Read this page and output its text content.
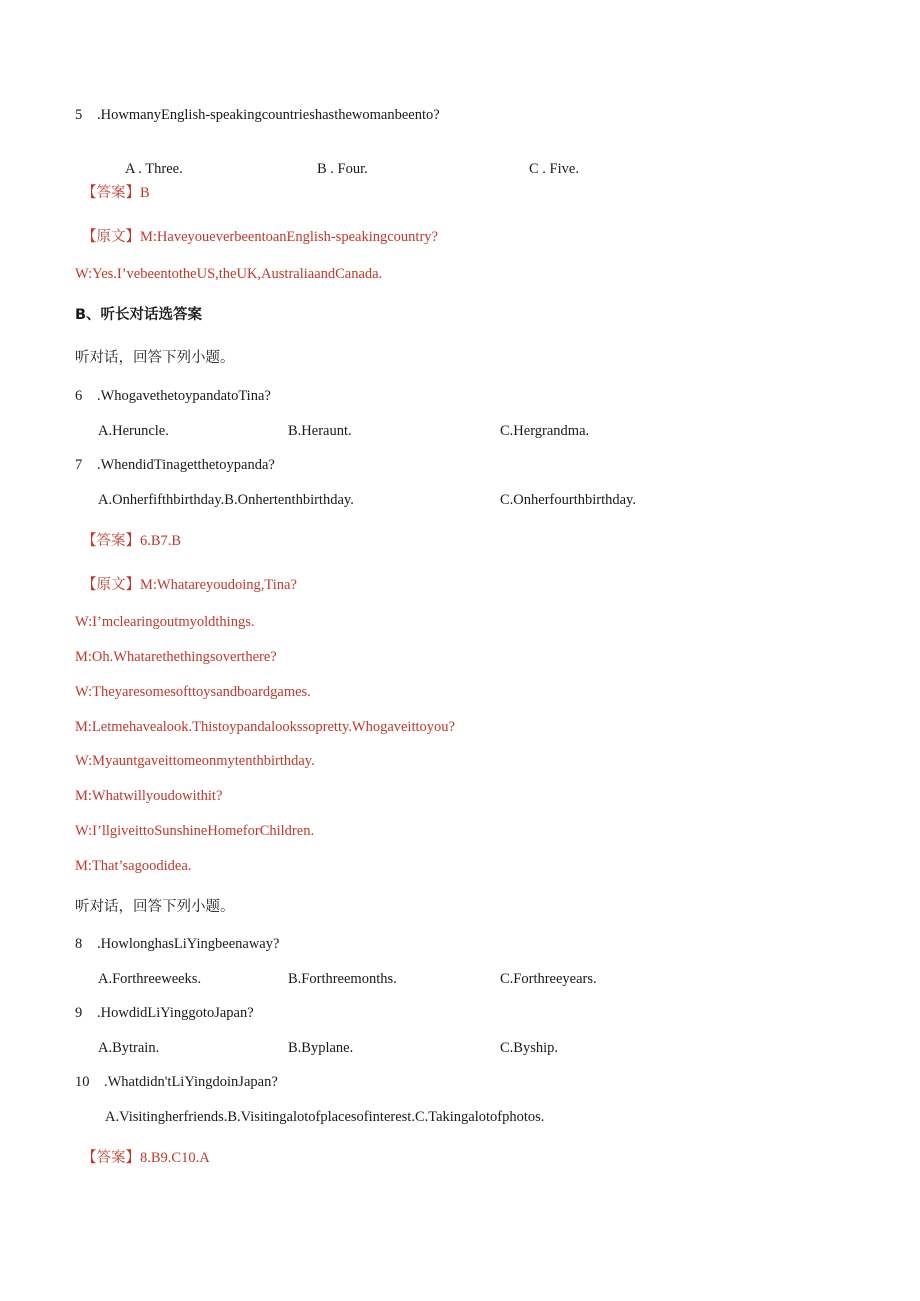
5 .HowmanyEnglish-speakingcountrieshasthewomanbeento?
A . Three.	B . Four.	C . Five.
【答案】B
【原文】M:HaveyoueverbeentoanEnglish-speakingcountry?
W:Yes.I’vebeentotheUS,theUK,AustraliaandCanada.
B、听长对话选答案
听对话，回答下列小题。
6 .WhogavethetoypandatoTina?
A.Heruncle.	B.Heraunt.	C.Hergrandma.
7 .WhendidTinagetthetoypanda?
A.Onherfifthbirthday.B.Onhertenthbirthday.	C.Onherfourthbirthday.
【答案】6.B7.B
【原文】M:Whatareyoudoing,Tina?
W:I’mclearingoutmyoldthings.
M:Oh.Whatarethethingsoverthere?
W:Theyaresomesofttoysandboardgames.
M:Letmehavealook.Thistoypandalookssopretty.Whogaveittoyou?
W:Myauntgaveittomeonmytenthbirthday.
M:Whatwillyoudowithit?
W:I’llgiveittoSunshineHomeforChildren.
M:That’sagoodidea.
听对话，回答下列小题。
8 .HowlonghasLiYingbeenaway?
A.Forthreeweeks.	B.Forthreemonths.	C.Forthreeyears.
9 .HowdidLiYinggotoJapan?
A.Bytrain.	B.Byplane.	C.Byship.
10 .Whatdidn'tLiYingdoinJapan?
A.Visitingherfriends.B.Visitingalotofplacesofinterest.C.Takingalotofphotos.
【答案】8.B9.C10.A
